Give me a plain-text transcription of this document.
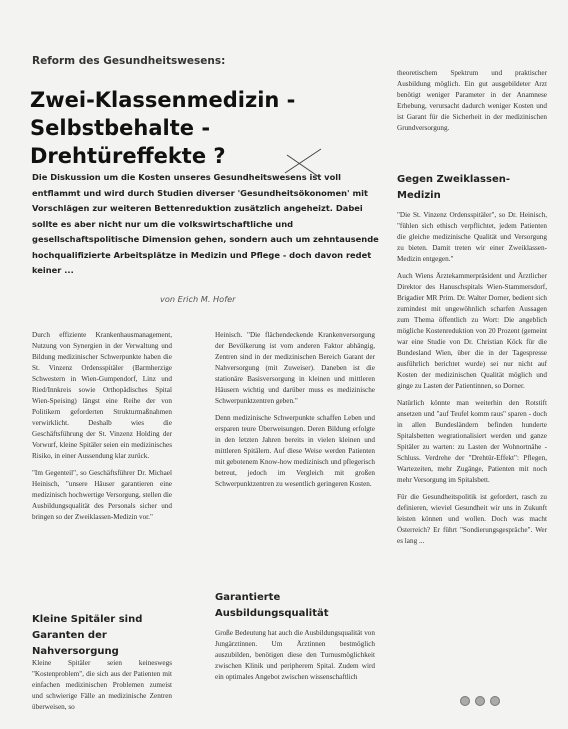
Reform des Gesundheitswesens:
Zwei-Klassenmedizin -
Selbstbehalte - Drehtüreffekte ?

Die Diskussion um die Kosten unseres Gesundheitswesens ist voll entflammt und wird durch Studien diverser 'Gesundheitsökonomen' mit Vorschlägen zur weiteren Bettenreduktion zusätzlich angeheizt. Dabei sollte es aber nicht nur um die volkswirtschaftliche und gesellschaftspolitische Dimension gehen, sondern auch um zehntausende hochqualifizierte Arbeitsplätze in Medizin und Pflege - doch davon redet keiner ...

von Erich M. Hofer

Durch effiziente Krankenhausmanagement, Nutzung von Synergien in der Verwaltung und Bildung medizinischer Schwerpunkte haben die St. Vinzenz Ordensspitäler (Barmherzige Schwestern in Wien-Gumpendorf, Linz und Ried/Innkreis sowie Orthopädisches Spital Wien-Speising) längst eine Reihe der von Politikern geforderten Strukturmaßnahmen verwirklicht. Deshalb wies die Geschäftsführung der St. Vinzenz Holding der Vorwurf, kleine Spitäler seien ein medizinisches Risiko, in einer Aussendung klar zurück.

"Im Gegenteil", so Geschäftsführer Dr. Michael Heinisch, "unsere Häuser garantieren eine medizinisch hochwertige Versorgung, stellen die Ausbildungsqualität des Personals sicher und bringen so der Zweiklassen-Medizin vor."

Kleine Spitäler sind Garanten der Nahversorgung

Kleine Spitäler seien keineswegs "Kostenproblem", die sich aus der Patienten mit einfachen medizinischen Problemen zumeist und schwierige Fälle an medizinische Zentren überweisen, so

Heinisch. "Die flächendeckende Krankenversorgung der Bevölkerung ist vom anderen Faktor abhängig, Zentren sind in der medizinischen Bereich Garant der Nahversorgung (mit Zuweiser). Daneben ist die stationäre Basisversorgung in kleinen und mittleren Häusern wichtig und darüber muss es medizinische Schwerpunktzentren geben."

Denn medizinische Schwerpunkte schaffen Leben und ersparen teure Überweisungen. Deren Bildung erfolgte in den letzten Jahren bereits in vielen kleinen und mittleren Spitälern. Auf diese Weise werden Patienten mit gebotenem Know-how medizinisch und pflegerisch betreut, jedoch im Vergleich mit großen Schwerpunktzentren zu wesentlich geringeren Kosten.

Garantierte Ausbildungsqualität

Große Bedeutung hat auch die Ausbildungsqualität von Jungärztinnen. Um Ärztinnen bestmöglich auszubilden, benötigen diese den Turnusmöglichkeit zwischen Klinik und peripherem Spital. Zudem wird ein optimales Angebot zwischen wissenschaftlich

theoretischem Spektrum und praktischer Ausbildung möglich. Ein gut ausgebildeter Arzt benötigt weniger Parameter in der Anamnese Erhebung, verursacht dadurch weniger Kosten und ist Garant für die Sicherheit in der medizinischen Grundversorgung.

Gegen Zweiklassen-Medizin

"Die St. Vinzenz Ordensspitäler", so Dr. Heinisch, "fühlen sich ethisch verpflichtet, jedem Patienten die gleiche medizinische Qualität und Versorgung zu bieten. Damit treten wir einer Zweiklassen-Medizin entgegen."

Auch Wiens Ärztekammerpräsident und Ärztlicher Direktor des Hanuschspitals Wien-Stammersdorf, Brigadier MR Prim. Dr. Walter Dorner, bedient sich zumindest mit ungewöhnlich scharfen Aussagen zum Thema öffentlich zu Wort: Die angeblich mögliche Kostenreduktion von 20 Prozent (gemeint war eine Studie von Dr. Christian Köck für die Bundesland Wien, über die in der Tagespresse ausführlich berichtet wurde) sei nur nicht auf Kosten der medizinischen Qualität möglich und ginge zu Lasten der Patientinnen, so Dorner.

Natürlich könnte man weiterhin den Rotstift ansetzen und "auf Teufel komm raus" sparen - doch in allen Bundesländern befinden hunderte Spitalsbetten wegrationalisiert werden und ganze Spitäler zu warten: zu Lasten der Wohnortnähe - Schluss. Verdrehe der "Drehtür-Effekt": Pflegen, Wartezeiten, mehr Zugänge, Patienten mit noch mehr Versorgung im Spitalsbett.

Für die Gesundheitspolitik ist gefordert, rasch zu definieren, wieviel Gesundheit wir uns in Zukunft leisten können und wollen. Doch was macht Österreich? Er führt "Sondierungsgespräche". Wer es lang ...
